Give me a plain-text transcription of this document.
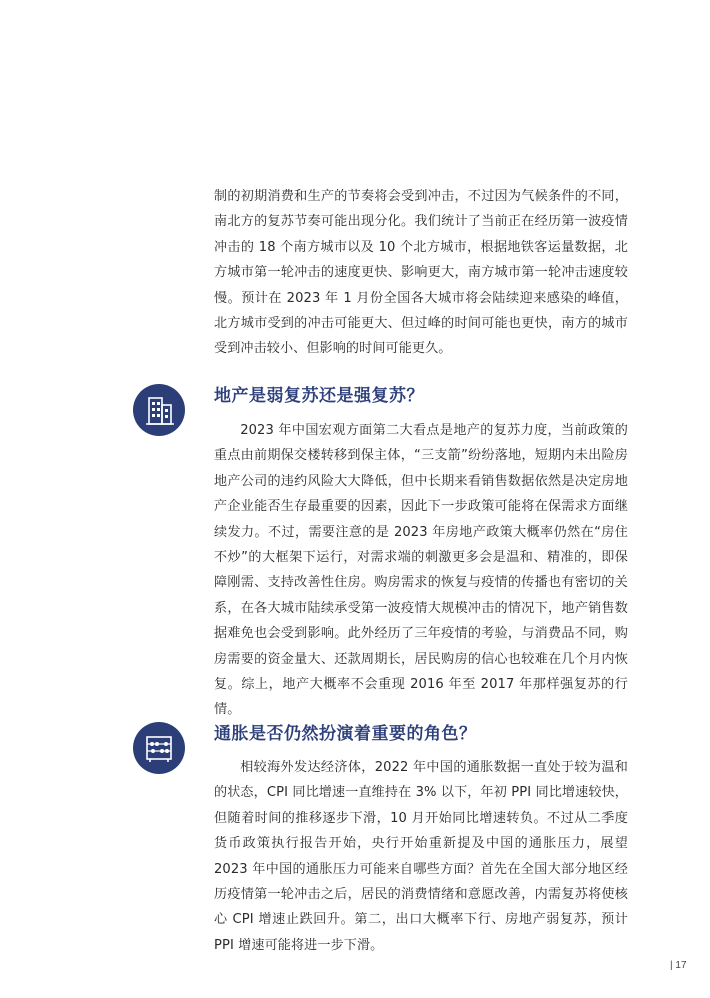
制的初期消费和生产的节奏将会受到冲击，不过因为气候条件的不同，南北方的复苏节奏可能出现分化。我们统计了当前正在经历第一波疫情冲击的 18 个南方城市以及 10 个北方城市，根据地铁客运量数据，北方城市第一轮冲击的速度更快、影响更大，南方城市第一轮冲击速度较慢。预计在 2023 年 1 月份全国各大城市将会陆续迎来感染的峰值，北方城市受到的冲击可能更大、但过峰的时间可能也更快，南方的城市受到冲击较小、但影响的时间可能更久。

地产是弱复苏还是强复苏？

2023 年中国宏观方面第二大看点是地产的复苏力度，当前政策的重点由前期保交楼转移到保主体，“三支箭”纷纷落地，短期内未出险房地产公司的违约风险大大降低，但中长期来看销售数据依然是决定房地产企业能否生存最重要的因素，因此下一步政策可能将在保需求方面继续发力。不过，需要注意的是 2023 年房地产政策大概率仍然在“房住不炒”的大框架下运行，对需求端的刺激更多会是温和、精准的，即保障刚需、支持改善性住房。购房需求的恢复与疫情的传播也有密切的关系，在各大城市陆续承受第一波疫情大规模冲击的情况下，地产销售数据难免也会受到影响。此外经历了三年疫情的考验，与消费品不同，购房需要的资金量大、还款周期长，居民购房的信心也较难在几个月内恢复。综上，地产大概率不会重现 2016 年至 2017 年那样强复苏的行情。

通胀是否仍然扮演着重要的角色？

相较海外发达经济体，2022 年中国的通胀数据一直处于较为温和的状态，CPI 同比增速一直维持在 3% 以下，年初 PPI 同比增速较快，但随着时间的推移逐步下滑，10 月开始同比增速转负。不过从二季度货币政策执行报告开始，央行开始重新提及中国的通胀压力，展望 2023 年中国的通胀压力可能来自哪些方面？首先在全国大部分地区经历疫情第一轮冲击之后，居民的消费情绪和意愿改善，内需复苏将使核心 CPI 增速止跌回升。第二，出口大概率下行、房地产弱复苏，预计 PPI 增速可能将进一步下滑。

| 17
